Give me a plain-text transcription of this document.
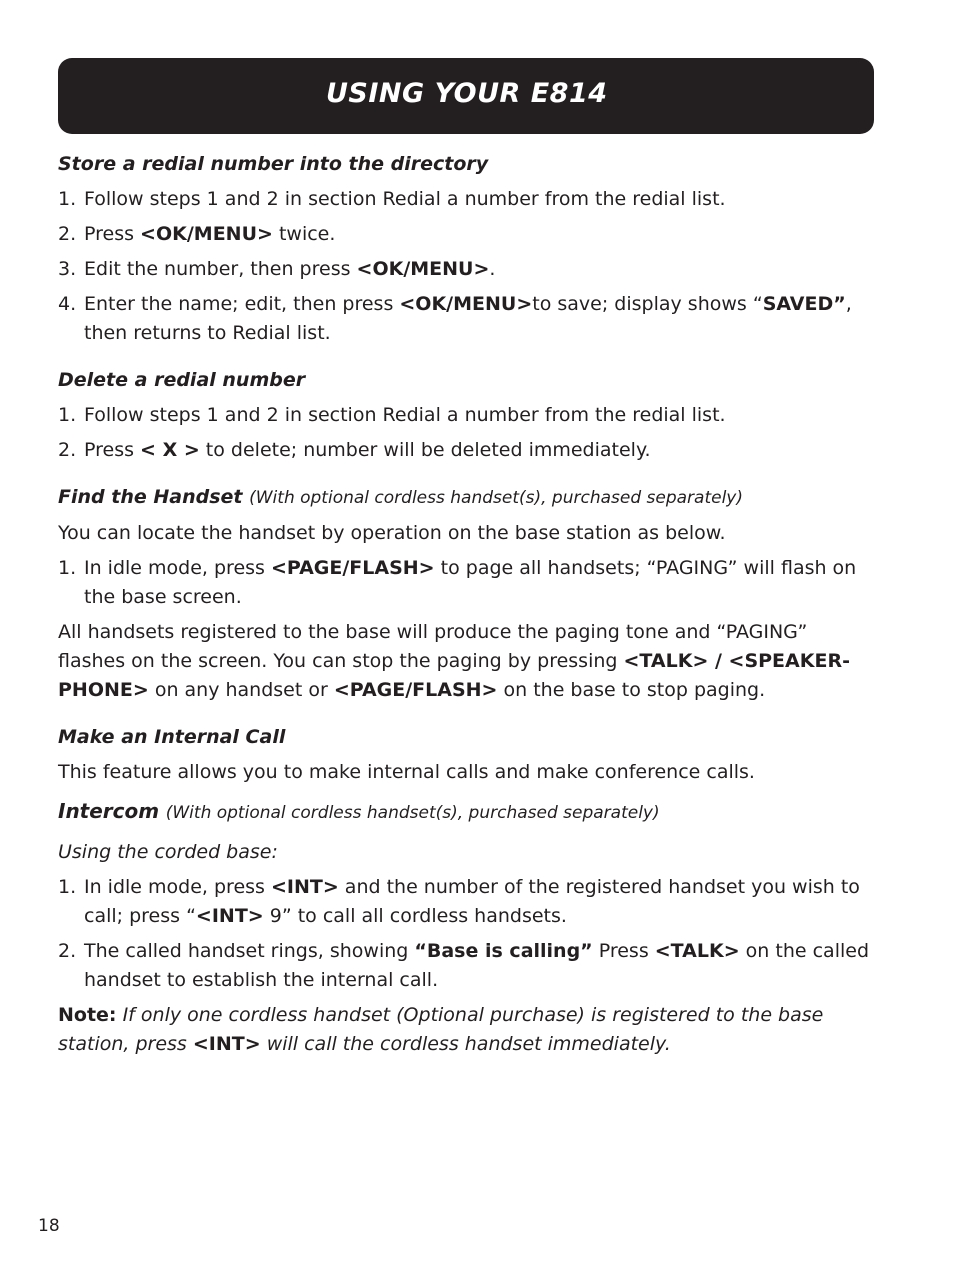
USING YOUR E814
Store a redial number into the directory
1. Follow steps 1 and 2 in section Redial a number from the redial list.
2. Press <OK/MENU> twice.
3. Edit the number, then press <OK/MENU>.
4. Enter the name; edit, then press <OK/MENU>to save; display shows “SAVED”, then returns to Redial list.
Delete a redial number
1. Follow steps 1 and 2 in section Redial a number from the redial list.
2. Press < X > to delete; number will be deleted immediately.
Find the Handset (With optional cordless handset(s), purchased separately)
You can locate the handset by operation on the base station as below.
1. In idle mode, press <PAGE/FLASH> to page all handsets; “PAGING” will flash on the base screen.
All handsets registered to the base will produce the paging tone and “PAGING” flashes on the screen. You can stop the paging by pressing <TALK> / <SPEAKER-PHONE> on any handset or <PAGE/FLASH> on the base to stop paging.
Make an Internal Call
This feature allows you to make internal calls and make conference calls.
Intercom (With optional cordless handset(s), purchased separately)
Using the corded base:
1. In idle mode, press <INT> and the number of the registered handset you wish to call; press “<INT> 9” to call all cordless handsets.
2. The called handset rings, showing “Base is calling” Press <TALK> on the called handset to establish the internal call.
Note: If only one cordless handset (Optional purchase) is registered to the base station, press <INT> will call the cordless handset immediately.
18
